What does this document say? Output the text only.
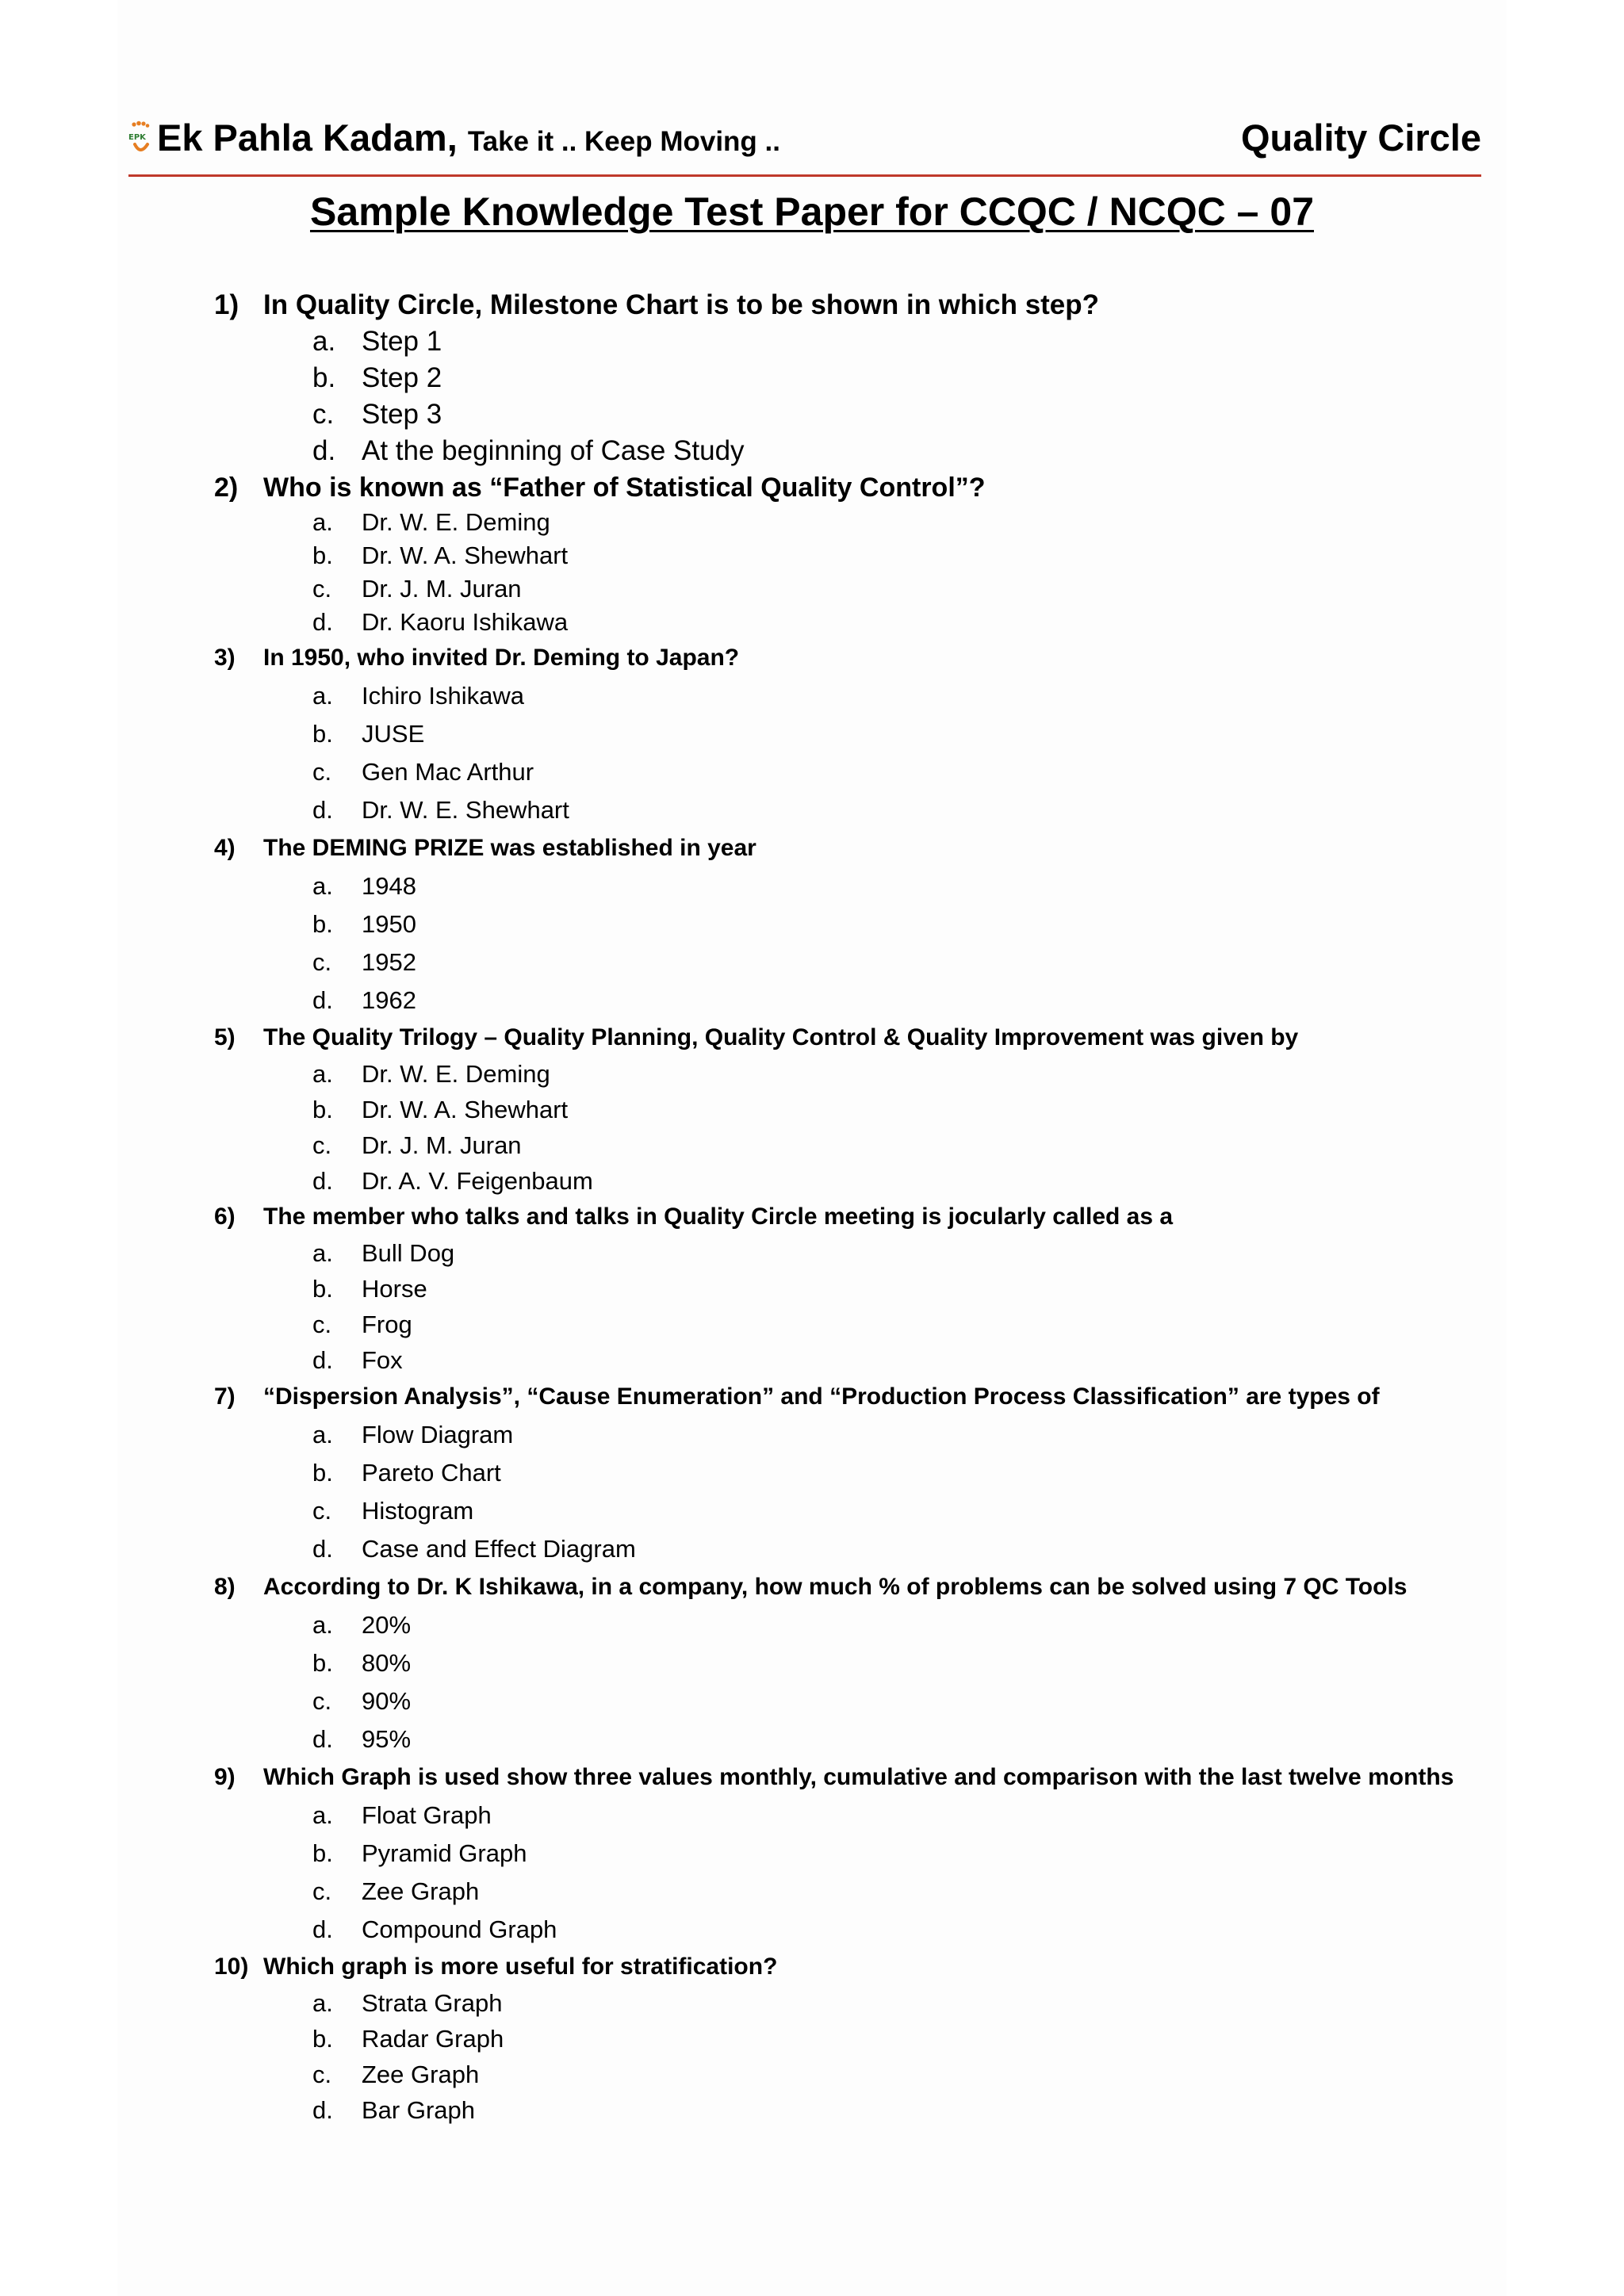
EPK Ek Pahla Kadam, Take it .. Keep Moving ..	Quality Circle
Sample Knowledge Test Paper for CCQC / NCQC – 07
1) In Quality Circle, Milestone Chart is to be shown in which step?
a. Step 1
b. Step 2
c. Step 3
d. At the beginning of Case Study
2) Who is known as “Father of Statistical Quality Control”?
a. Dr. W. E. Deming
b. Dr. W. A. Shewhart
c. Dr. J. M. Juran
d. Dr. Kaoru Ishikawa
3) In 1950, who invited Dr. Deming to Japan?
a. Ichiro Ishikawa
b. JUSE
c. Gen Mac Arthur
d. Dr. W. E. Shewhart
4) The DEMING PRIZE was established in year
a. 1948
b. 1950
c. 1952
d. 1962
5) The Quality Trilogy – Quality Planning, Quality Control & Quality Improvement was given by
a. Dr. W. E. Deming
b. Dr. W. A. Shewhart
c. Dr. J. M. Juran
d. Dr. A. V. Feigenbaum
6) The member who talks and talks in Quality Circle meeting is jocularly called as a
a. Bull Dog
b. Horse
c. Frog
d. Fox
7) “Dispersion Analysis”, “Cause Enumeration” and “Production Process Classification” are types of
a. Flow Diagram
b. Pareto Chart
c. Histogram
d. Case and Effect Diagram
8) According to Dr. K Ishikawa, in a company, how much % of problems can be solved using 7 QC Tools
a. 20%
b. 80%
c. 90%
d. 95%
9) Which Graph is used show three values monthly, cumulative and comparison with the last twelve months
a. Float Graph
b. Pyramid Graph
c. Zee Graph
d. Compound Graph
10) Which graph is more useful for stratification?
a. Strata Graph
b. Radar Graph
c. Zee Graph
d. Bar Graph
